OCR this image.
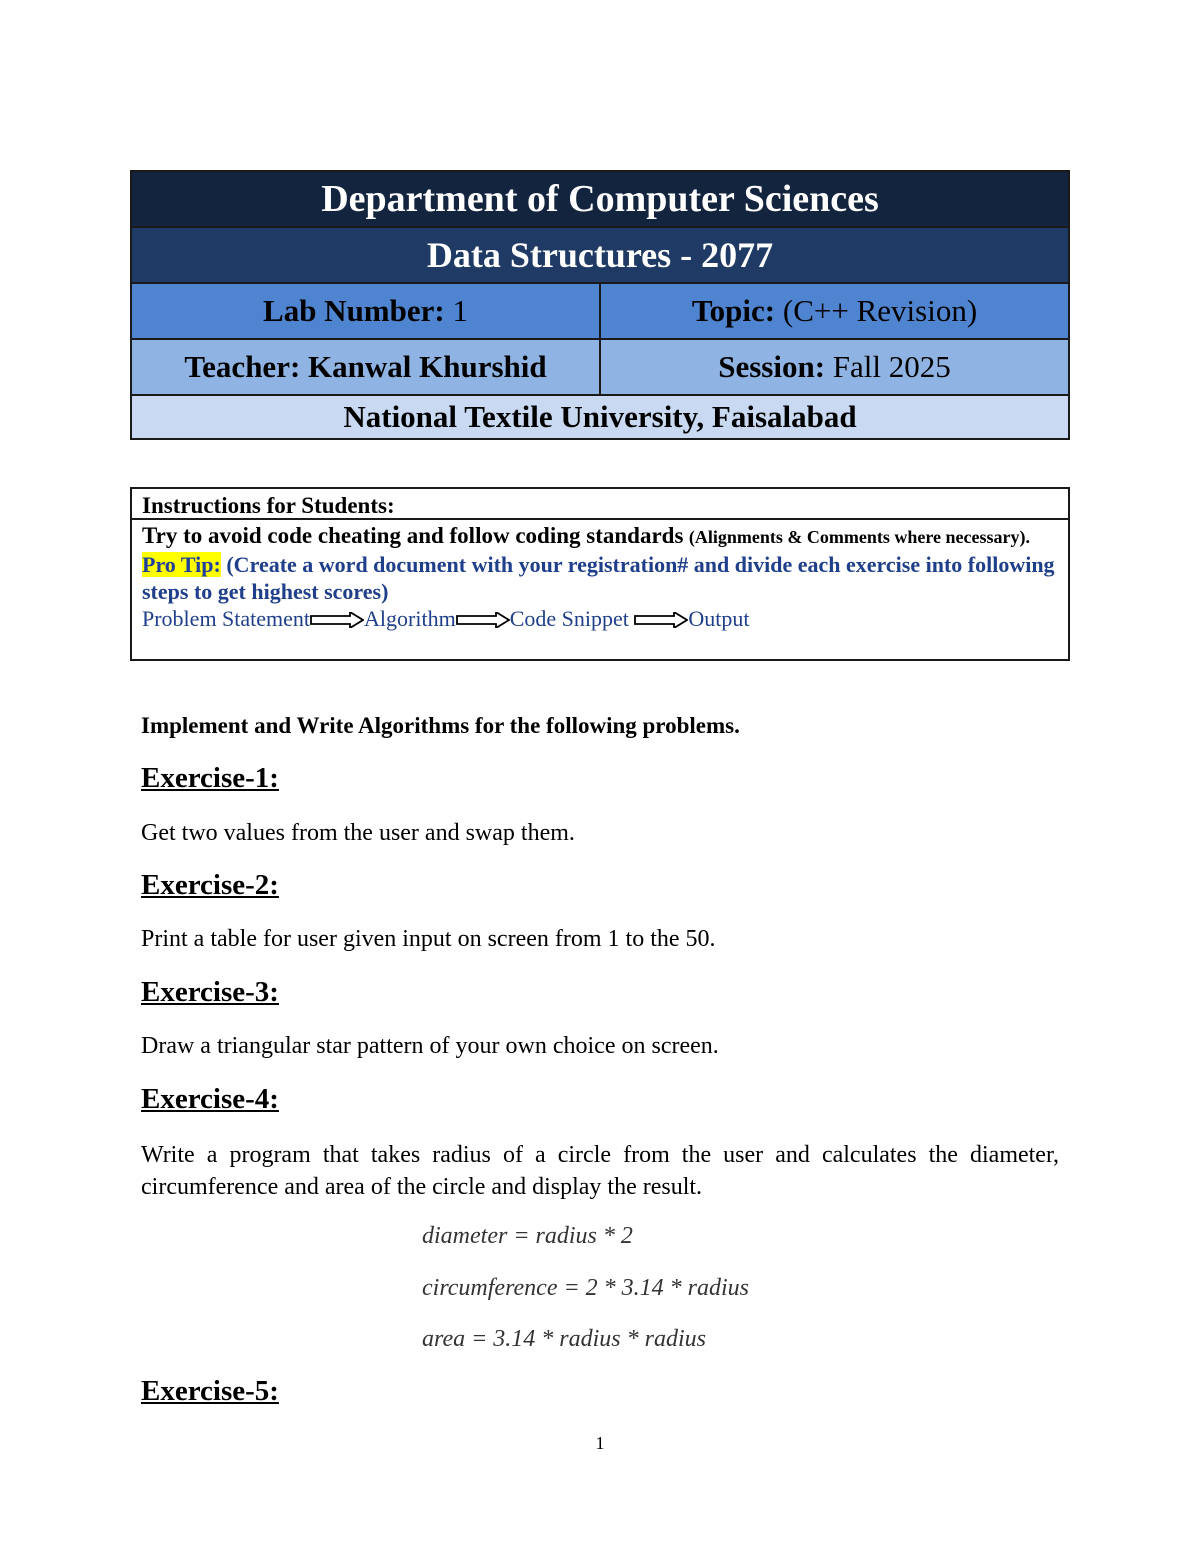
Department of Computer Sciences	
Data Structures - 2077	
Lab Number: 1	Topic: (C++ Revision)
Teacher: Kanwal Khurshid	Session: Fall 2025
National Textile University, Faisalabad	
Instructions for Students:
Try to avoid code cheating and follow coding standards (Alignments & Comments where necessary).
Pro Tip: (Create a word document with your registration# and divide each exercise into following steps to get highest scores)
Problem Statement Algorithm Code Snippet	Output
Implement and Write Algorithms for the following problems.
Exercise-1:
Get two values from the user and swap them.
Exercise-2:
Print a table for user given input on screen from 1 to the 50.
Exercise-3:
Draw a triangular star pattern of your own choice on screen.
Exercise-4:
Write a program that takes radius of a circle from the user and calculates the diameter, circumference and area of the circle and display the result.
diameter = radius * 2
circumference = 2 * 3.14 * radius
area = 3.14 * radius * radius
Exercise-5:
1
